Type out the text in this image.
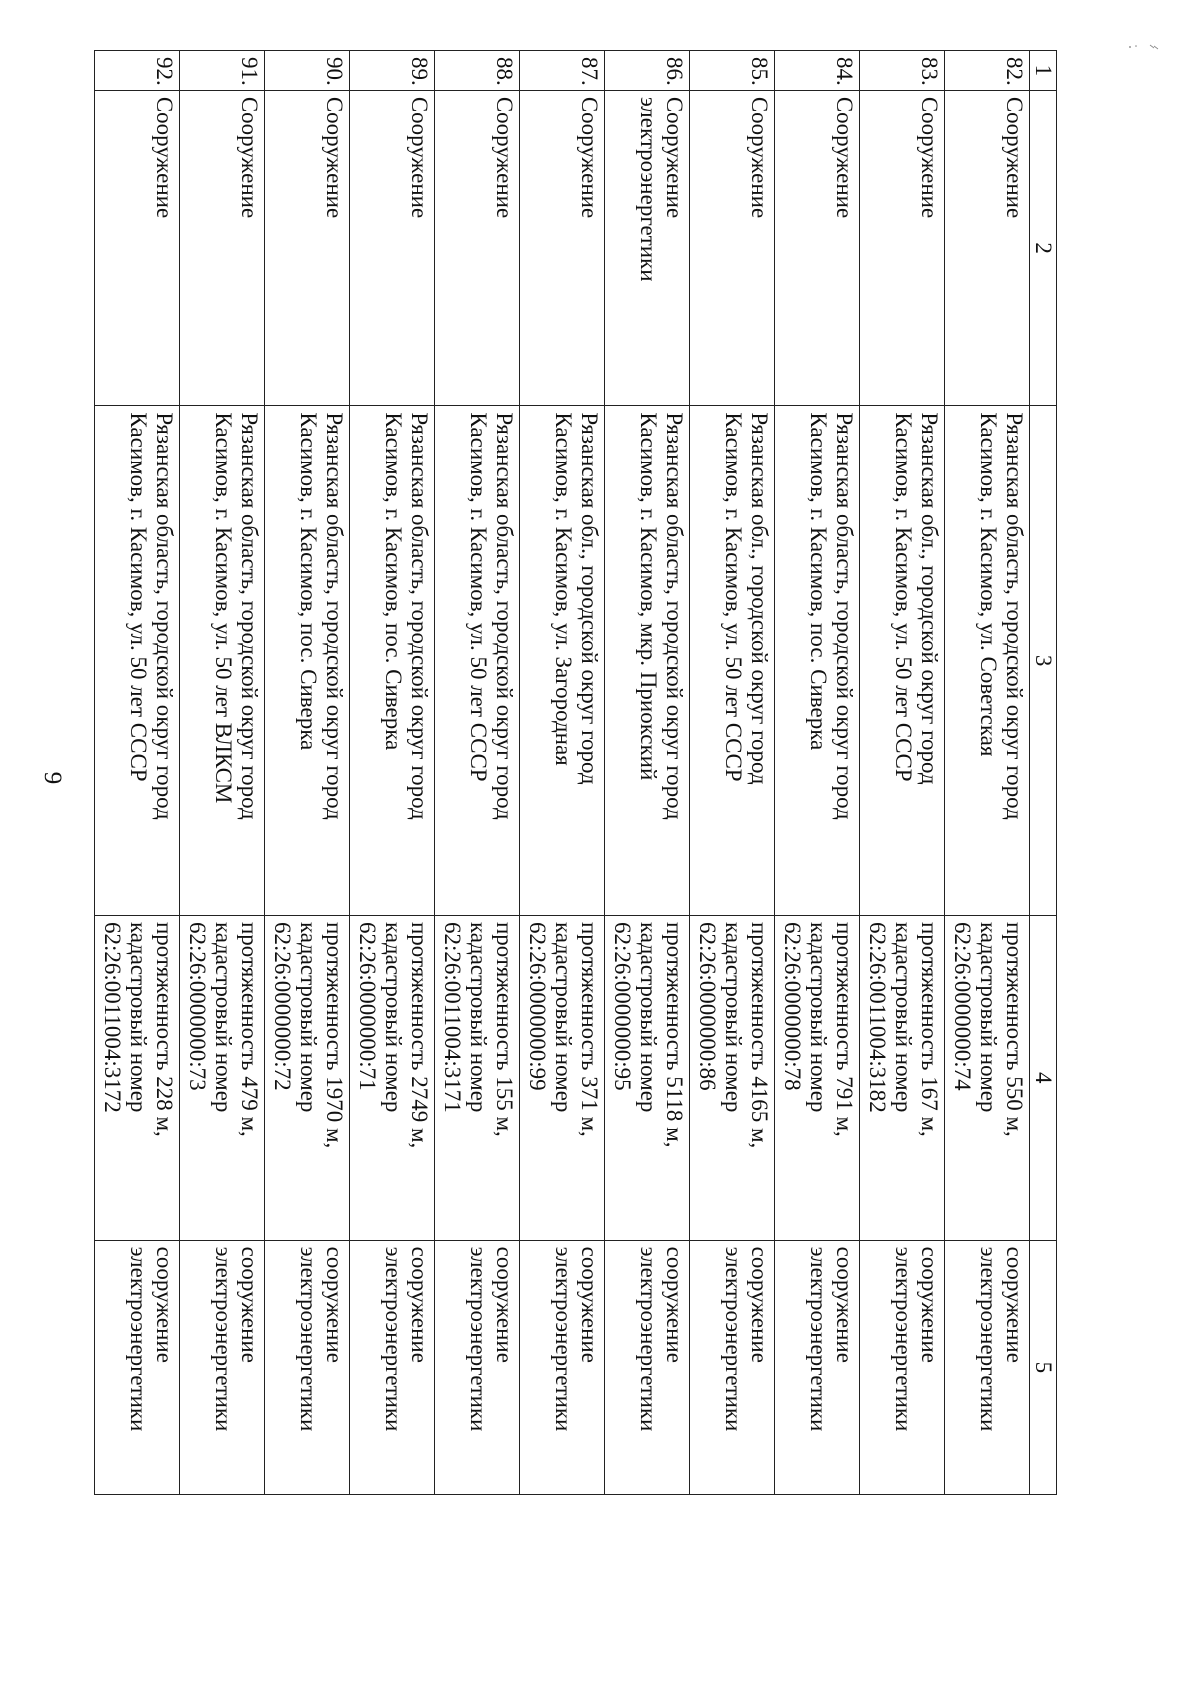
9
1	2	3	4	5
82.	Сооружение	Рязанская область, городской округ город
Касимов, г. Касимов, ул. Советская	протяженность 550 м,
кадастровый номер
62:26:0000000:74	сооружение
электроэнергетики

83.	Сооружение	Рязанская обл., городской округ город
Касимов, г. Касимов, ул. 50 лет СССР	протяженность 167 м,
кадастровый номер
62:26:0011004:3182	сооружение
электроэнергетики

84.	Сооружение	Рязанская область, городской округ город
Касимов, г. Касимов, пос. Сиверка	протяженность 791 м,
кадастровый номер
62:26:0000000:78	сооружение
электроэнергетики

85.	Сооружение	Рязанская обл., городской округ город
Касимов, г. Касимов, ул. 50 лет СССР	протяженность 4165 м,
кадастровый номер
62:26:0000000:86	сооружение
электроэнергетики

86.	Сооружение
электроэнергетики	Рязанская область, городской округ город
Касимов, г. Касимов, мкр. Приокский	протяженность 5118 м,
кадастровый номер
62:26:0000000:95	сооружение
электроэнергетики

87.	Сооружение	Рязанская обл., городской округ город
Касимов, г. Касимов, ул. Загородная	протяженность 371 м,
кадастровый номер
62:26:0000000:99	сооружение
электроэнергетики

88.	Сооружение	Рязанская область, городской округ город
Касимов, г. Касимов, ул. 50 лет СССР	протяженность 155 м,
кадастровый номер
62:26:0011004:3171	сооружение
электроэнергетики

89.	Сооружение	Рязанская область, городской округ город
Касимов, г. Касимов, пос. Сиверка	протяженность 2749 м,
кадастровый номер
62:26:0000000:71	сооружение
электроэнергетики

90.	Сооружение	Рязанская область, городской округ город
Касимов, г. Касимов, пос. Сиверка	протяженность 1970 м,
кадастровый номер
62:26:0000000:72	сооружение
электроэнергетики

91.	Сооружение	Рязанская область, городской округ город
Касимов, г. Касимов, ул. 50 лет ВЛКСМ	протяженность 479 м,
кадастровый номер
62:26:0000000:73	сооружение
электроэнергетики

92.	Сооружение	Рязанская область, городской округ город
Касимов, г. Касимов, ул. 50 лет СССР	протяженность 228 м,
кадастровый номер
62:26:0011004:3172	сооружение
электроэнергетики
